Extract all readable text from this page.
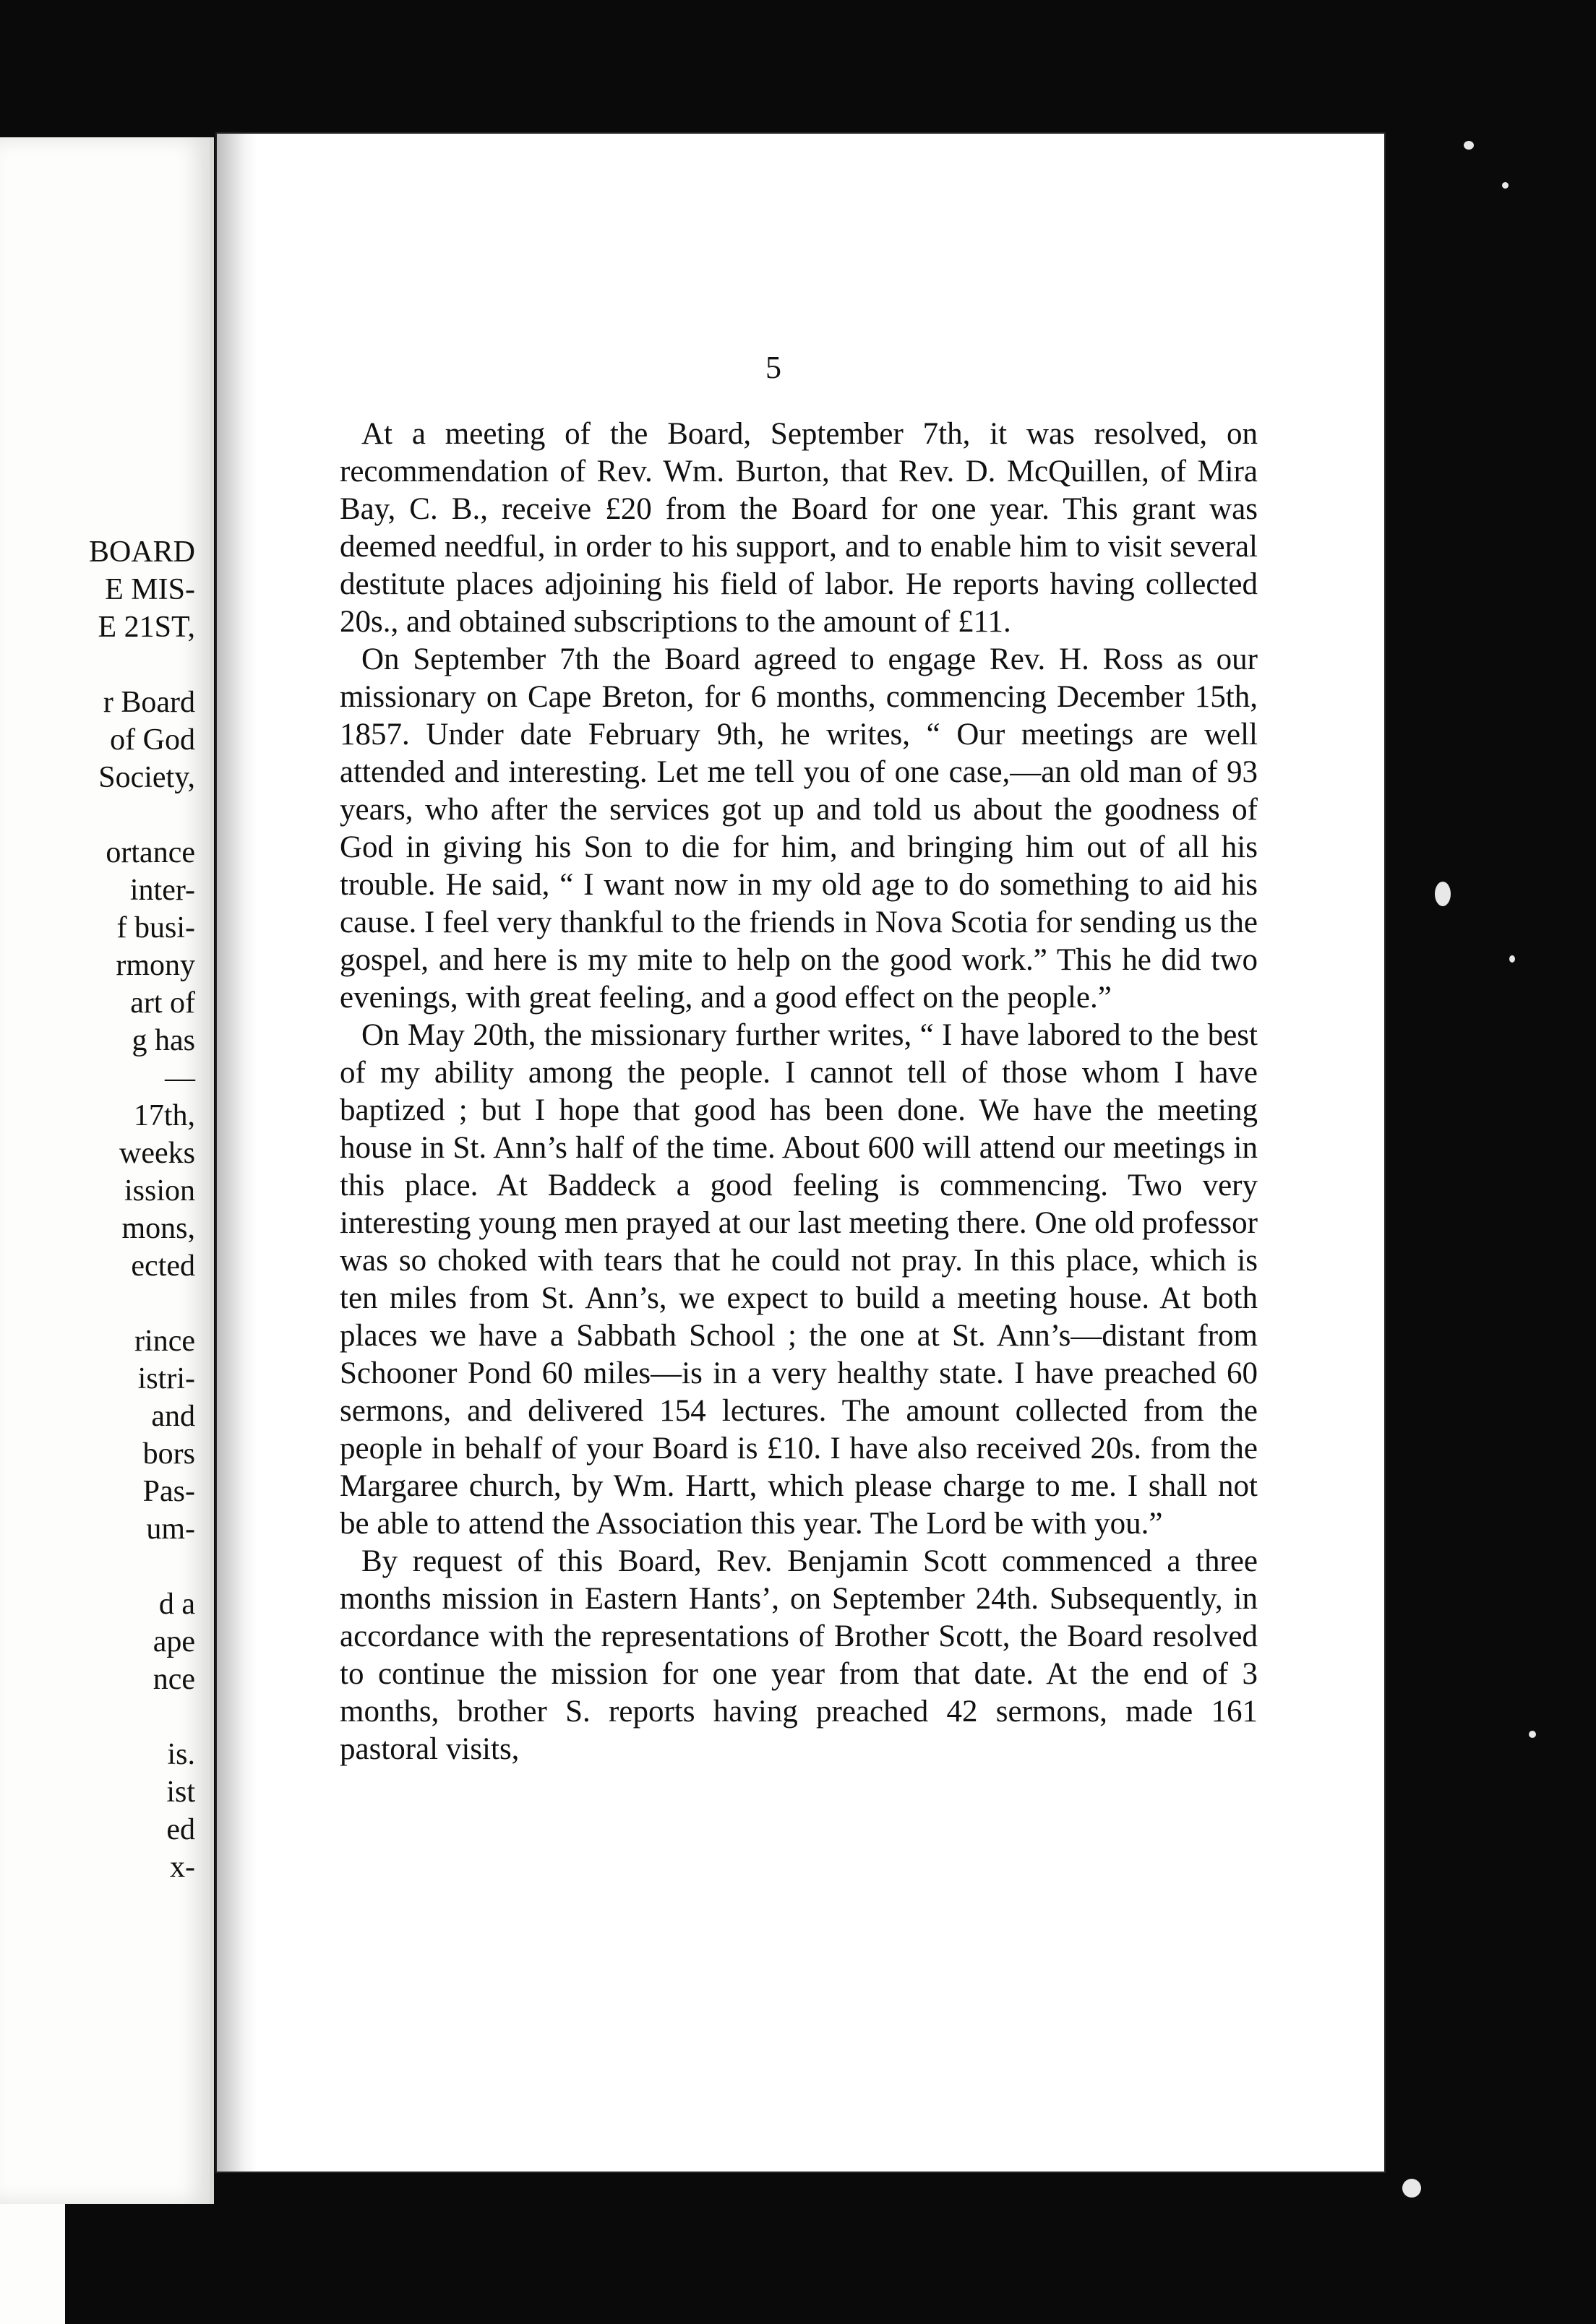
BOARD
E MIS-
E 21ST,

r Board
of God
Society,

ortance
inter-
f busi-
rmony
art of
g has
—
17th,
weeks
ission
mons,
ected

rince
istri-
and
bors
Pas-
um-

d a
ape
nce

is.
ist
ed
x-
5

At a meeting of the Board, September 7th, it was resolved, on recommendation of Rev. Wm. Burton, that Rev. D. McQuillen, of Mira Bay, C. B., receive £20 from the Board for one year. This grant was deemed needful, in order to his support, and to enable him to visit several destitute places adjoining his field of labor. He reports having collected 20s., and obtained subscriptions to the amount of £11.

On September 7th the Board agreed to engage Rev. H. Ross as our missionary on Cape Breton, for 6 months, commencing December 15th, 1857. Under date February 9th, he writes, “ Our meetings are well attended and interesting. Let me tell you of one case,—an old man of 93 years, who after the services got up and told us about the goodness of God in giving his Son to die for him, and bringing him out of all his trouble. He said, “ I want now in my old age to do something to aid his cause. I feel very thankful to the friends in Nova Scotia for sending us the gospel, and here is my mite to help on the good work.” This he did two evenings, with great feeling, and a good effect on the people.”

On May 20th, the missionary further writes, “ I have labored to the best of my ability among the people. I cannot tell of those whom I have baptized ; but I hope that good has been done. We have the meeting house in St. Ann’s half of the time. About 600 will attend our meetings in this place. At Baddeck a good feeling is commencing. Two very interesting young men prayed at our last meeting there. One old professor was so choked with tears that he could not pray. In this place, which is ten miles from St. Ann’s, we expect to build a meeting house. At both places we have a Sabbath School ; the one at St. Ann’s—distant from Schooner Pond 60 miles—is in a very healthy state. I have preached 60 sermons, and delivered 154 lectures. The amount collected from the people in behalf of your Board is £10. I have also received 20s. from the Margaree church, by Wm. Hartt, which please charge to me. I shall not be able to attend the Association this year. The Lord be with you.”

By request of this Board, Rev. Benjamin Scott commenced a three months mission in Eastern Hants’, on September 24th. Subsequently, in accordance with the representations of Brother Scott, the Board resolved to continue the mission for one year from that date. At the end of 3 months, brother S. reports having preached 42 sermons, made 161 pastoral visits,
